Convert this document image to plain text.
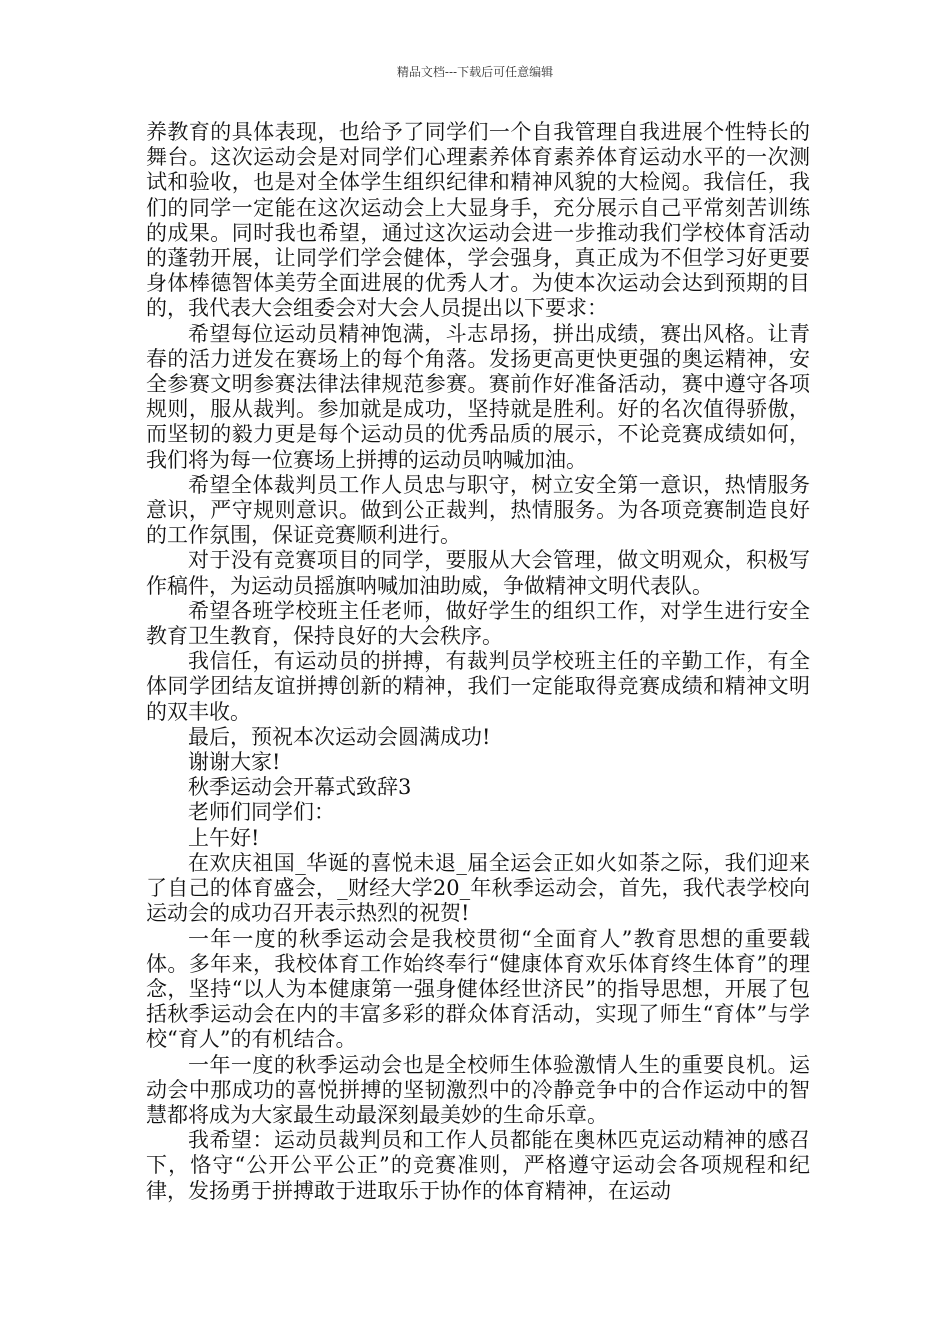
精品文档---下载后可任意编辑

养教育的具体表现，也给予了同学们一个自我管理自我进展个性特长的舞台。这次运动会是对同学们心理素养体育素养体育运动水平的一次测试和验收，也是对全体学生组织纪律和精神风貌的大检阅。我信任，我们的同学一定能在这次运动会上大显身手，充分展示自己平常刻苦训练的成果。同时我也希望，通过这次运动会进一步推动我们学校体育活动的蓬勃开展，让同学们学会健体，学会强身，真正成为不但学习好更要身体棒德智体美劳全面进展的优秀人才。为使本次运动会达到预期的目的，我代表大会组委会对大会人员提出以下要求：

希望每位运动员精神饱满，斗志昂扬，拼出成绩，赛出风格。让青春的活力迸发在赛场上的每个角落。发扬更高更快更强的奥运精神，安全参赛文明参赛法律法律规范参赛。赛前作好准备活动，赛中遵守各项规则，服从裁判。参加就是成功，坚持就是胜利。好的名次值得骄傲，而坚韧的毅力更是每个运动员的优秀品质的展示，不论竞赛成绩如何，我们将为每一位赛场上拼搏的运动员呐喊加油。

希望全体裁判员工作人员忠与职守，树立安全第一意识，热情服务意识，严守规则意识。做到公正裁判，热情服务。为各项竞赛制造良好的工作氛围，保证竞赛顺利进行。

对于没有竞赛项目的同学，要服从大会管理，做文明观众，积极写作稿件，为运动员摇旗呐喊加油助威，争做精神文明代表队。

希望各班学校班主任老师，做好学生的组织工作，对学生进行安全教育卫生教育，保持良好的大会秩序。

我信任，有运动员的拼搏，有裁判员学校班主任的辛勤工作，有全体同学团结友谊拼搏创新的精神，我们一定能取得竞赛成绩和精神文明的双丰收。

最后，预祝本次运动会圆满成功!

谢谢大家!

秋季运动会开幕式致辞3

老师们同学们：

上午好!

在欢庆祖国_华诞的喜悦未退_届全运会正如火如荼之际，我们迎来了自己的体育盛会，_财经大学20_年秋季运动会，首先，我代表学校向运动会的成功召开表示热烈的祝贺!

一年一度的秋季运动会是我校贯彻“全面育人”教育思想的重要载体。多年来，我校体育工作始终奉行“健康体育欢乐体育终生体育”的理念，坚持“以人为本健康第一强身健体经世济民”的指导思想，开展了包括秋季运动会在内的丰富多彩的群众体育活动，实现了师生“育体”与学校“育人”的有机结合。

一年一度的秋季运动会也是全校师生体验激情人生的重要良机。运动会中那成功的喜悦拼搏的坚韧激烈中的冷静竞争中的合作运动中的智慧都将成为大家最生动最深刻最美妙的生命乐章。

我希望：运动员裁判员和工作人员都能在奥林匹克运动精神的感召下，恪守“公开公平公正”的竞赛准则，严格遵守运动会各项规程和纪律，发扬勇于拼搏敢于进取乐于协作的体育精神，在运动
